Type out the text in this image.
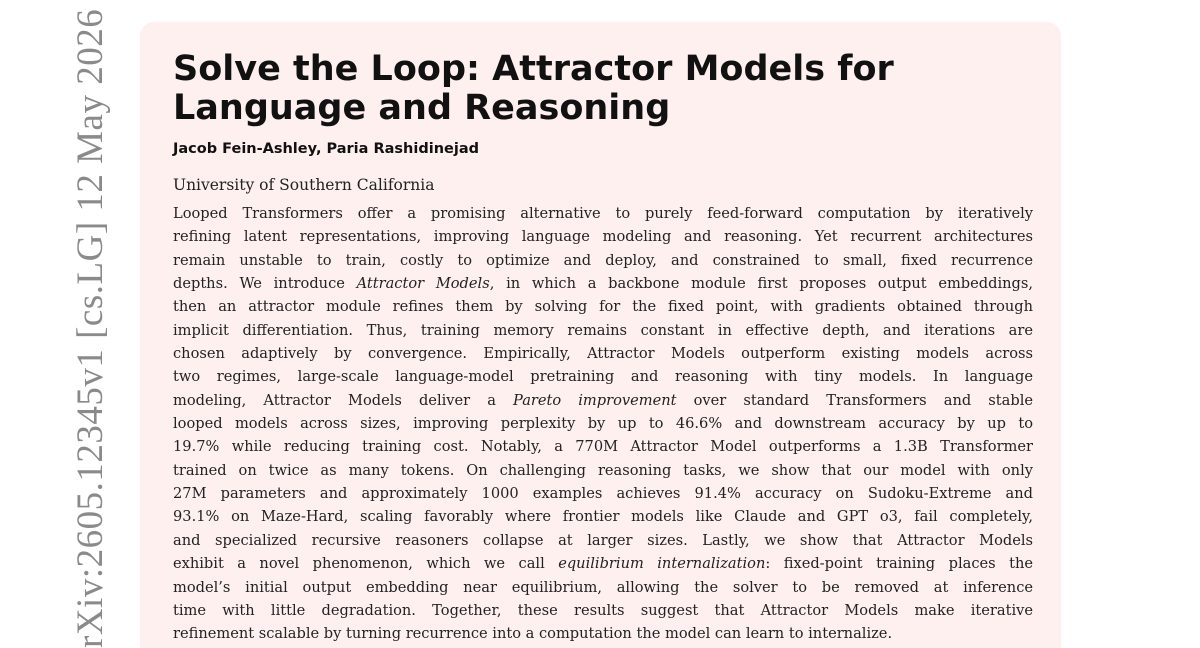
rXiv:2605.12345v1 [cs.LG] 12 May 2026 Solve the Loop: Attractor Models for
Language and Reasoning
Jacob Fein-Ashley, Paria Rashidinejad
University of Southern California
Looped Transformers offer a promising alternative to purely feed-forward computation by iteratively
refining latent representations, improving language modeling and reasoning. Yet recurrent architectures
remain unstable to train, costly to optimize and deploy, and constrained to small, fixed recurrence
depths. We introduce Attractor Models, in which a backbone module first proposes output embeddings,
then an attractor module refines them by solving for the fixed point, with gradients obtained through
implicit differentiation. Thus, training memory remains constant in effective depth, and iterations are
chosen adaptively by convergence. Empirically, Attractor Models outperform existing models across
two regimes, large-scale language-model pretraining and reasoning with tiny models. In language
modeling, Attractor Models deliver a Pareto improvement over standard Transformers and stable
looped models across sizes, improving perplexity by up to 46.6% and downstream accuracy by up to
19.7% while reducing training cost. Notably, a 770M Attractor Model outperforms a 1.3B Transformer
trained on twice as many tokens. On challenging reasoning tasks, we show that our model with only
27M parameters and approximately 1000 examples achieves 91.4% accuracy on Sudoku-Extreme and
93.1% on Maze-Hard, scaling favorably where frontier models like Claude and GPT o3, fail completely,
and specialized recursive reasoners collapse at larger sizes. Lastly, we show that Attractor Models
exhibit a novel phenomenon, which we call equilibrium internalization: fixed-point training places the
model’s initial output embedding near equilibrium, allowing the solver to be removed at inference
time with little degradation. Together, these results suggest that Attractor Models make iterative
refinement scalable by turning recurrence into a computation the model can learn to internalize.
